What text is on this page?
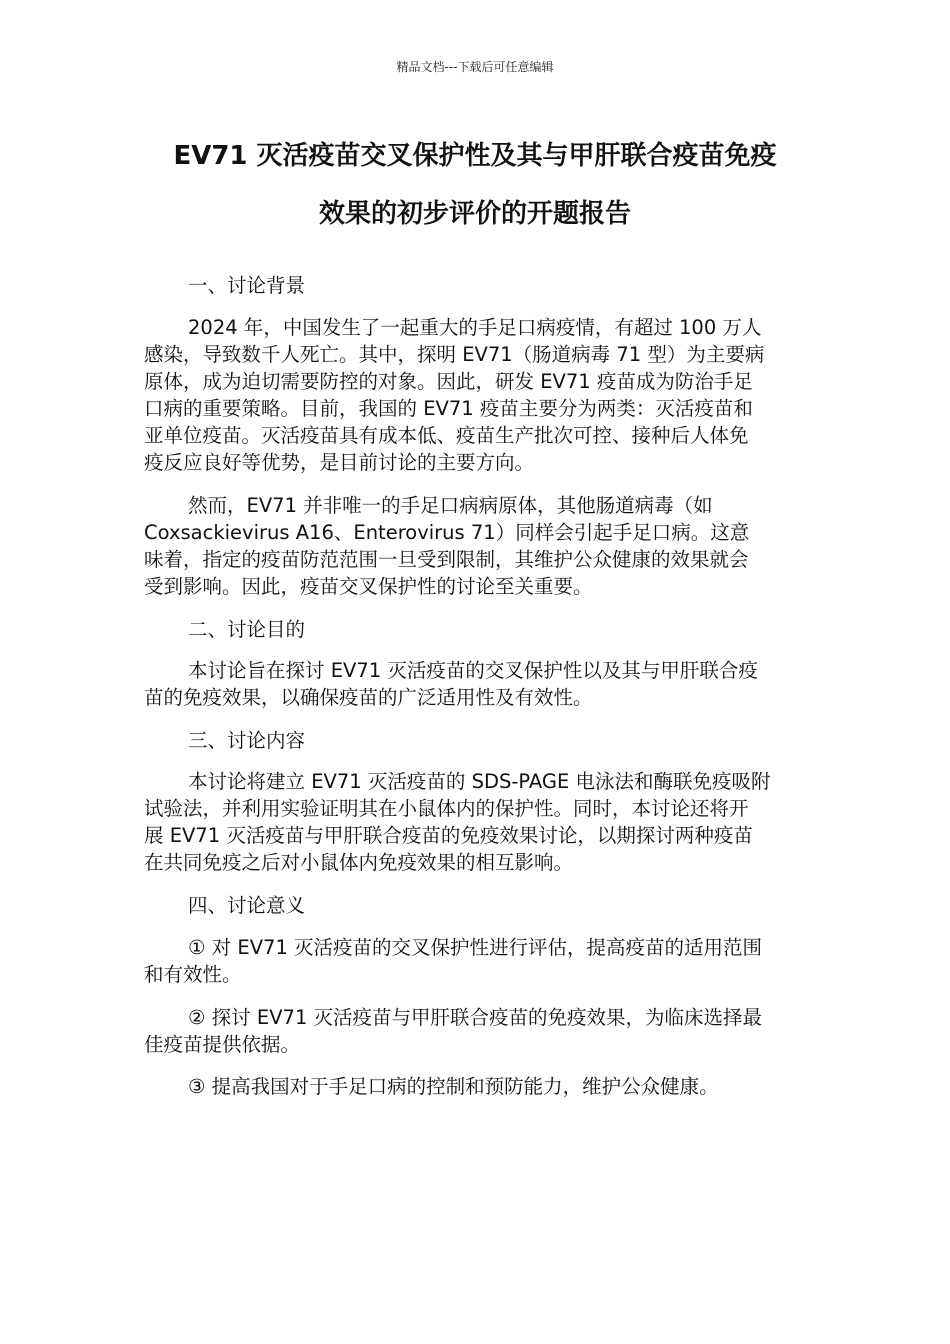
精品文档---下载后可任意编辑
EV71 灭活疫苗交叉保护性及其与甲肝联合疫苗免疫
效果的初步评价的开题报告
一、讨论背景
2024 年，中国发生了一起重大的手足口病疫情，有超过 100 万人
感染，导致数千人死亡。其中，探明 EV71（肠道病毒 71 型）为主要病
原体，成为迫切需要防控的对象。因此，研发 EV71 疫苗成为防治手足
口病的重要策略。目前，我国的 EV71 疫苗主要分为两类：灭活疫苗和
亚单位疫苗。灭活疫苗具有成本低、疫苗生产批次可控、接种后人体免
疫反应良好等优势，是目前讨论的主要方向。
然而，EV71 并非唯一的手足口病病原体，其他肠道病毒（如
Coxsackievirus A16、Enterovirus 71）同样会引起手足口病。这意
味着，指定的疫苗防范范围一旦受到限制，其维护公众健康的效果就会
受到影响。因此，疫苗交叉保护性的讨论至关重要。
二、讨论目的
本讨论旨在探讨 EV71 灭活疫苗的交叉保护性以及其与甲肝联合疫
苗的免疫效果，以确保疫苗的广泛适用性及有效性。
三、讨论内容
本讨论将建立 EV71 灭活疫苗的 SDS-PAGE 电泳法和酶联免疫吸附
试验法，并利用实验证明其在小鼠体内的保护性。同时，本讨论还将开
展 EV71 灭活疫苗与甲肝联合疫苗的免疫效果讨论，以期探讨两种疫苗
在共同免疫之后对小鼠体内免疫效果的相互影响。
四、讨论意义
① 对 EV71 灭活疫苗的交叉保护性进行评估，提高疫苗的适用范围
和有效性。
② 探讨 EV71 灭活疫苗与甲肝联合疫苗的免疫效果，为临床选择最
佳疫苗提供依据。
③ 提高我国对于手足口病的控制和预防能力，维护公众健康。
